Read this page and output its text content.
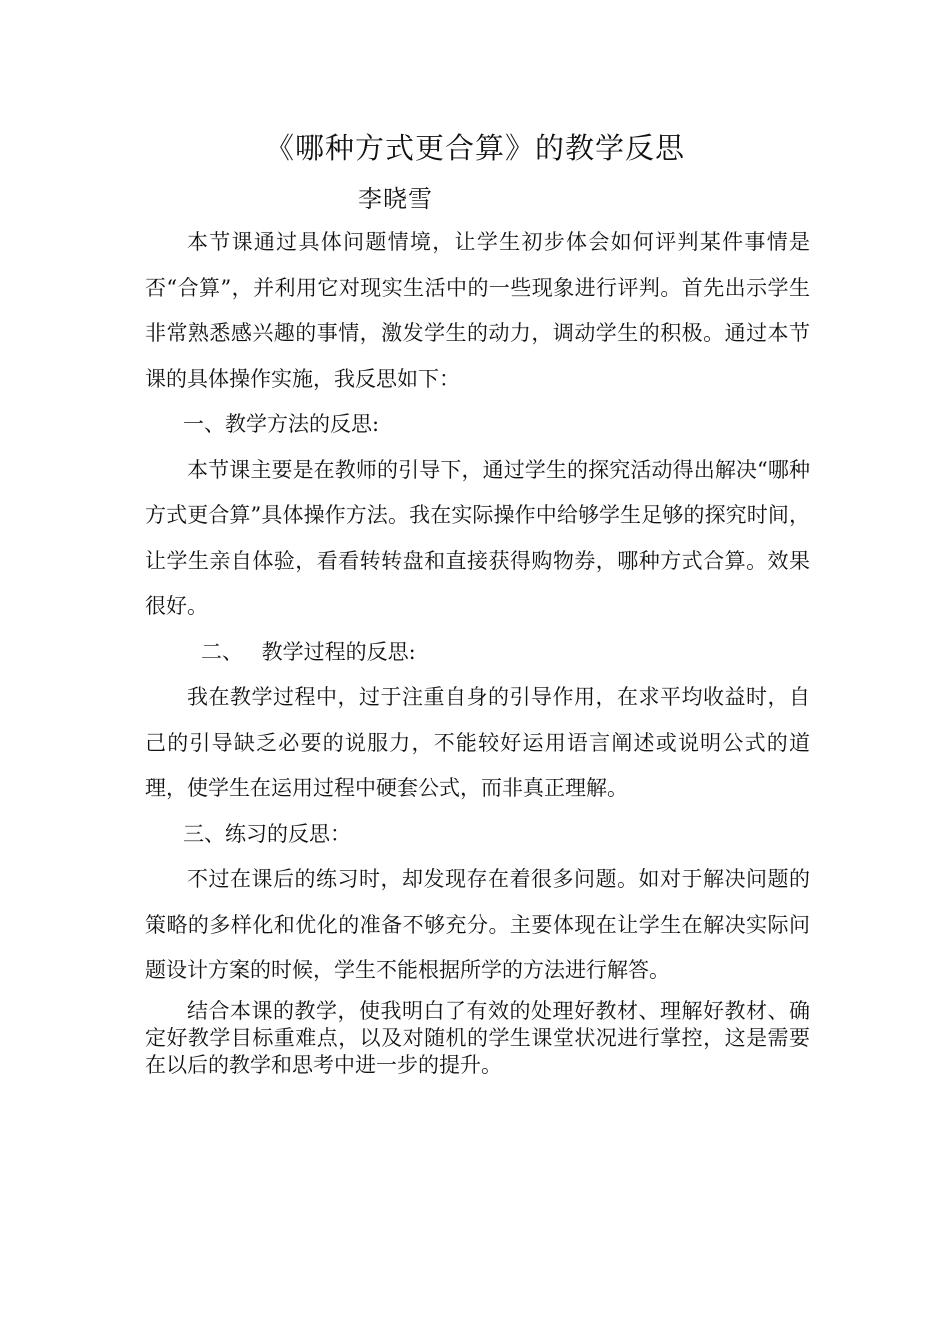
《哪种方式更合算》的教学反思
李晓雪

本节课通过具体问题情境，让学生初步体会如何评判某件事情是否“合算”，并利用它对现实生活中的一些现象进行评判。首先出示学生非常熟悉感兴趣的事情，激发学生的动力，调动学生的积极。通过本节课的具体操作实施，我反思如下：

一、教学方法的反思:

本节课主要是在教师的引导下，通过学生的探究活动得出解决“哪种方式更合算”具体操作方法。我在实际操作中给够学生足够的探究时间，让学生亲自体验，看看转转盘和直接获得购物券，哪种方式合算。效果很好。

二、 教学过程的反思:

我在教学过程中，过于注重自身的引导作用，在求平均收益时，自己的引导缺乏必要的说服力，不能较好运用语言阐述或说明公式的道理，使学生在运用过程中硬套公式，而非真正理解。

三、练习的反思：

不过在课后的练习时，却发现存在着很多问题。如对于解决问题的策略的多样化和优化的准备不够充分。主要体现在让学生在解决实际问题设计方案的时候，学生不能根据所学的方法进行解答。

结合本课的教学，使我明白了有效的处理好教材、理解好教材、确定好教学目标重难点，以及对随机的学生课堂状况进行掌控，这是需要在以后的教学和思考中进一步的提升。
